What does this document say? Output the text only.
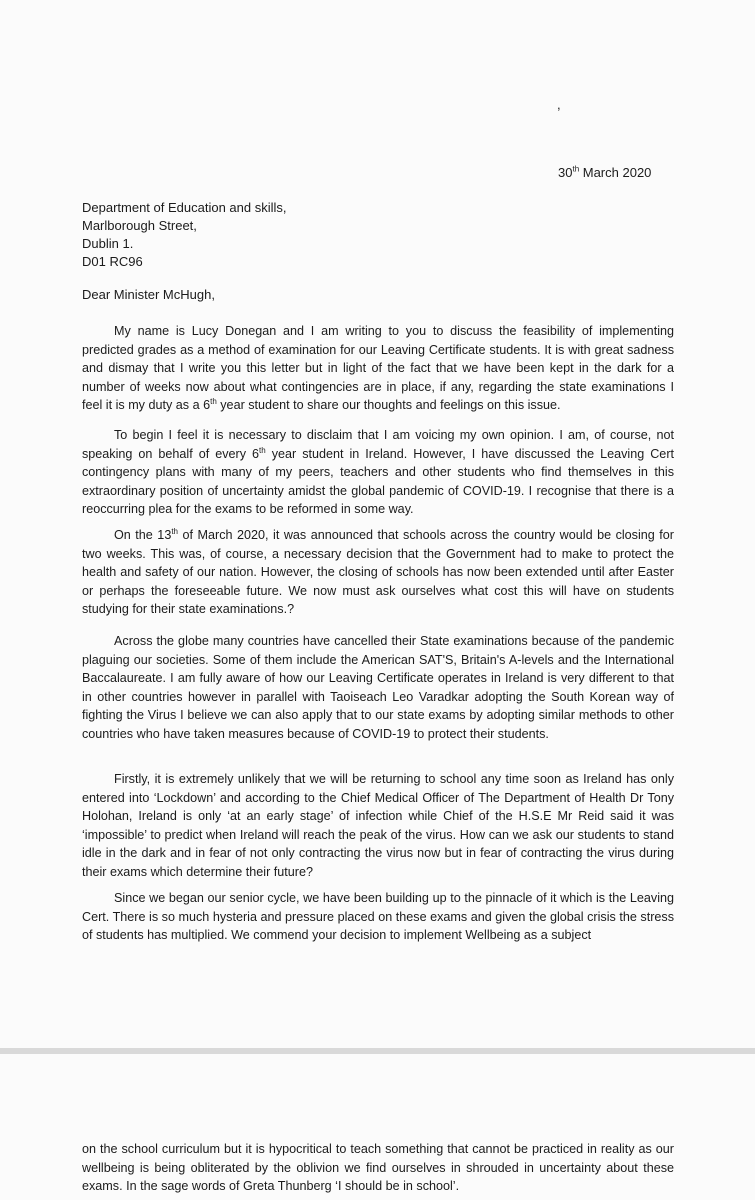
,
30th March 2020
Department of Education and skills,
Marlborough Street,
Dublin 1.
D01 RC96
Dear Minister McHugh,

My name is Lucy Donegan and I am writing to you to discuss the feasibility of implementing predicted grades as a method of examination for our Leaving Certificate students. It is with great sadness and dismay that I write you this letter but in light of the fact that we have been kept in the dark for a number of weeks now about what contingencies are in place, if any, regarding the state examinations I feel it is my duty as a 6th year student to share our thoughts and feelings on this issue.

To begin I feel it is necessary to disclaim that I am voicing my own opinion. I am, of course, not speaking on behalf of every 6th year student in Ireland. However, I have discussed the Leaving Cert contingency plans with many of my peers, teachers and other students who find themselves in this extraordinary position of uncertainty amidst the global pandemic of COVID-19. I recognise that there is a reoccurring plea for the exams to be reformed in some way.

On the 13th of March 2020, it was announced that schools across the country would be closing for two weeks. This was, of course, a necessary decision that the Government had to make to protect the health and safety of our nation. However, the closing of schools has now been extended until after Easter or perhaps the foreseeable future. We now must ask ourselves what cost this will have on students studying for their state examinations.?

Across the globe many countries have cancelled their State examinations because of the pandemic plaguing our societies. Some of them include the American SAT'S, Britain's A-levels and the International Baccalaureate. I am fully aware of how our Leaving Certificate operates in Ireland is very different to that in other countries however in parallel with Taoiseach Leo Varadkar adopting the South Korean way of fighting the Virus I believe we can also apply that to our state exams by adopting similar methods to other countries who have taken measures because of COVID-19 to protect their students.

Firstly, it is extremely unlikely that we will be returning to school any time soon as Ireland has only entered into ‘Lockdown’ and according to the Chief Medical Officer of The Department of Health Dr Tony Holohan, Ireland is only ‘at an early stage’ of infection while Chief of the H.S.E Mr Reid said it was ‘impossible’ to predict when Ireland will reach the peak of the virus. How can we ask our students to stand idle in the dark and in fear of not only contracting the virus now but in fear of contracting the virus during their exams which determine their future?

Since we began our senior cycle, we have been building up to the pinnacle of it which is the Leaving Cert. There is so much hysteria and pressure placed on these exams and given the global crisis the stress of students has multiplied. We commend your decision to implement Wellbeing as a subject

on the school curriculum but it is hypocritical to teach something that cannot be practiced in reality as our wellbeing is being obliterated by the oblivion we find ourselves in shrouded in uncertainty about these exams. In the sage words of Greta Thunberg ‘I should be in school’.
